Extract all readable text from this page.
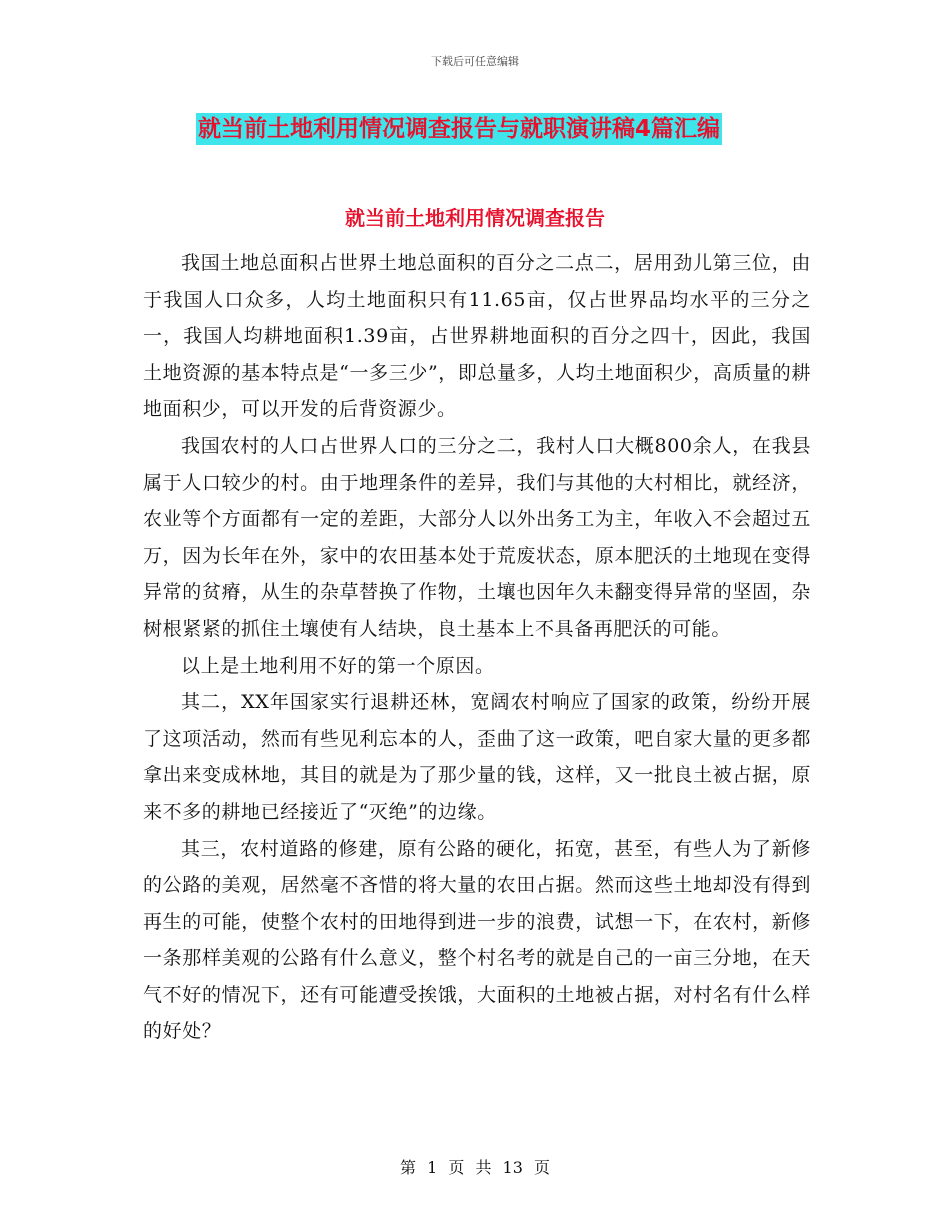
下载后可任意编辑
就当前土地利用情况调查报告与就职演讲稿4篇汇编
就当前土地利用情况调查报告

我国土地总面积占世界土地总面积的百分之二点二，居用劲儿第三位，由于我国人口众多，人均土地面积只有11.65亩，仅占世界品均水平的三分之一，我国人均耕地面积1.39亩，占世界耕地面积的百分之四十，因此，我国土地资源的基本特点是“一多三少”，即总量多，人均土地面积少，高质量的耕地面积少，可以开发的后背资源少。

我国农村的人口占世界人口的三分之二，我村人口大概800余人，在我县属于人口较少的村。由于地理条件的差异，我们与其他的大村相比，就经济，农业等个方面都有一定的差距，大部分人以外出务工为主，年收入不会超过五万，因为长年在外，家中的农田基本处于荒废状态，原本肥沃的土地现在变得异常的贫瘠，从生的杂草替换了作物，土壤也因年久未翻变得异常的坚固，杂树根紧紧的抓住土壤使有人结块，良土基本上不具备再肥沃的可能。

以上是土地利用不好的第一个原因。

其二，XX年国家实行退耕还林，宽阔农村响应了国家的政策，纷纷开展了这项活动，然而有些见利忘本的人，歪曲了这一政策，吧自家大量的更多都拿出来变成林地，其目的就是为了那少量的钱，这样，又一批良土被占据，原来不多的耕地已经接近了“灭绝”的边缘。

其三，农村道路的修建，原有公路的硬化，拓宽，甚至，有些人为了新修的公路的美观，居然毫不吝惜的将大量的农田占据。然而这些土地却没有得到再生的可能，使整个农村的田地得到进一步的浪费，试想一下，在农村，新修一条那样美观的公路有什么意义，整个村名考的就是自己的一亩三分地，在天气不好的情况下，还有可能遭受挨饿，大面积的土地被占据，对村名有什么样的好处？

第 1 页 共 13 页
